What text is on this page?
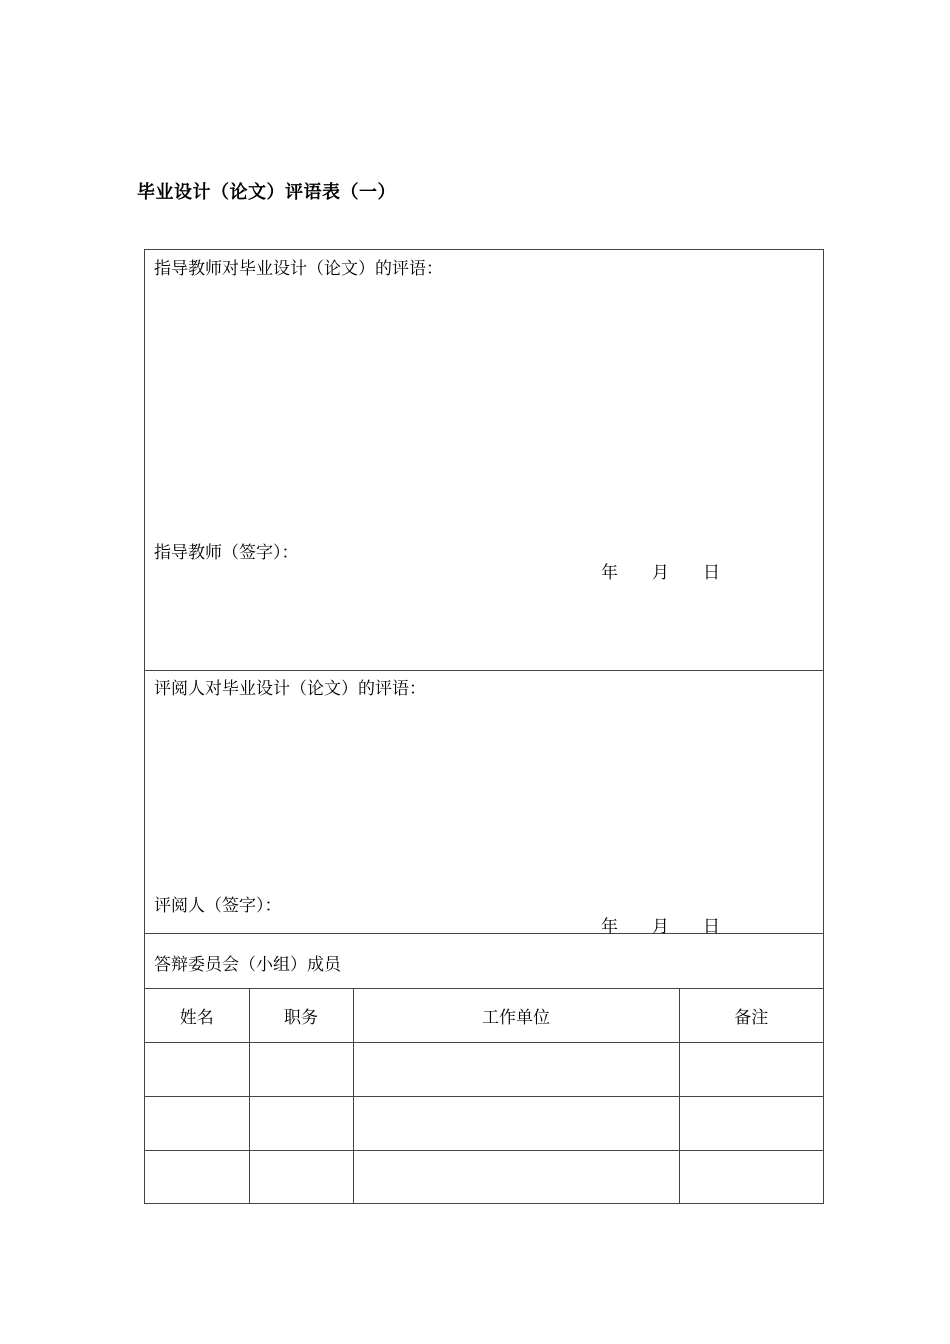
毕业设计（论文）评语表（一）
指导教师对毕业设计（论文）的评语：
指导教师（签字）：
年 月 日
评阅人对毕业设计（论文）的评语：
评阅人（签字）：
年 月 日
答辩委员会（小组）成员
姓名	职务	工作单位	备注
